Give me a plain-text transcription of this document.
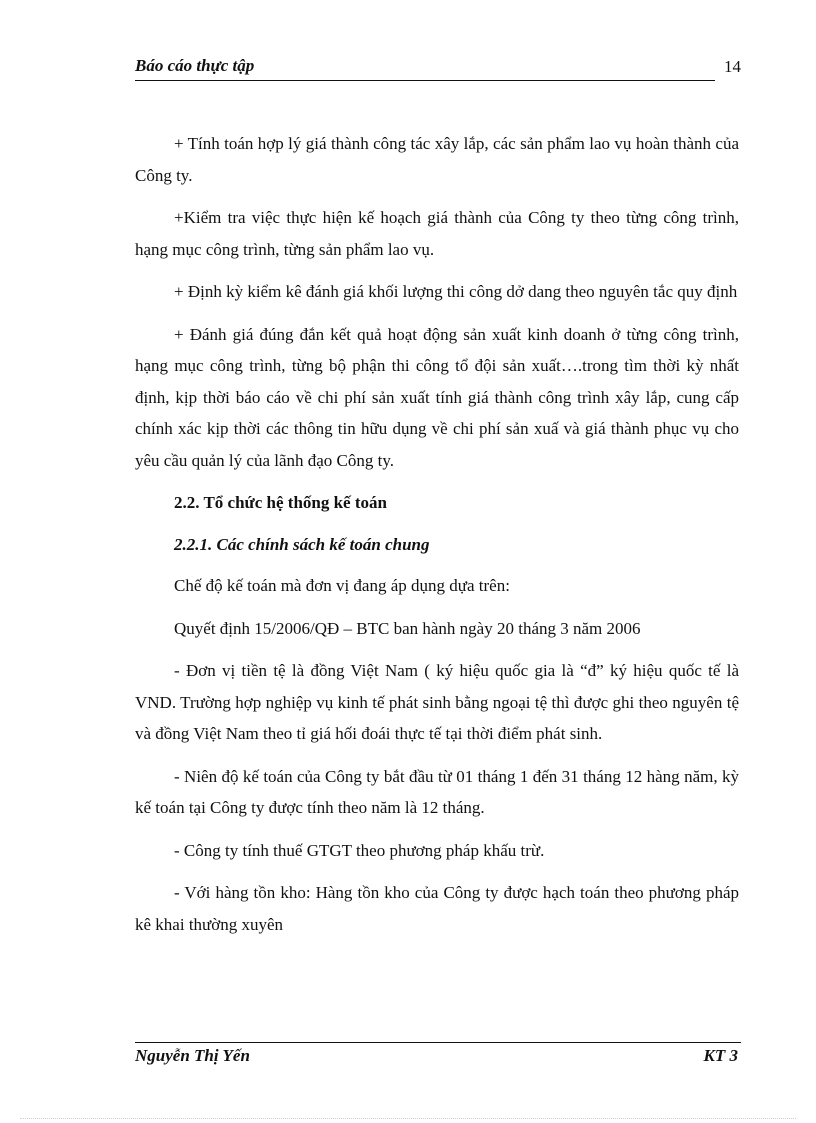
Báo cáo thực tập	14

+ Tính toán hợp lý giá thành công tác xây lắp, các sản phẩm lao vụ hoàn thành của Công ty.

+Kiểm tra việc thực hiện kế hoạch giá thành của Công ty theo từng công trình, hạng mục công trình, từng sản phẩm lao vụ.

+ Định kỳ kiểm kê đánh giá khối lượng thi công dở dang theo nguyên tắc quy định

+ Đánh giá đúng đắn kết quả hoạt động sản xuất kinh doanh ở từng công trình, hạng mục công trình, từng bộ phận thi công tổ đội sản xuất….trong tìm thời kỳ nhất định, kịp thời báo cáo về chi phí sản xuất tính giá thành công trình xây lắp, cung cấp chính xác kịp thời các thông tin hữu dụng về chi phí sản xuấ và giá thành phục vụ cho yêu cầu quản lý của lãnh đạo Công ty.

2.2. Tổ chức hệ thống kế toán

2.2.1. Các chính sách kế toán chung

Chế độ kế toán mà đơn vị đang áp dụng dựa trên:

Quyết định 15/2006/QĐ – BTC ban hành ngày 20 tháng 3 năm 2006

- Đơn vị tiền tệ là đồng Việt Nam ( ký hiệu quốc gia là “đ” ký hiệu quốc tế là VND. Trường hợp nghiệp vụ kinh tế phát sinh bằng ngoại tệ thì được ghi theo nguyên tệ và đồng Việt Nam theo tỉ giá hối đoái thực tế tại thời điểm phát sinh.

- Niên độ kế toán của Công ty bắt đầu từ 01 tháng 1 đến 31 tháng 12 hàng năm, kỳ kế toán tại Công ty được tính theo năm là 12 tháng.

- Công ty tính thuế GTGT theo phương pháp khấu trừ.

- Với hàng tồn kho: Hàng tồn kho của Công ty được hạch toán theo phương pháp kê khai thường xuyên

Nguyễn Thị Yến	KT 3
